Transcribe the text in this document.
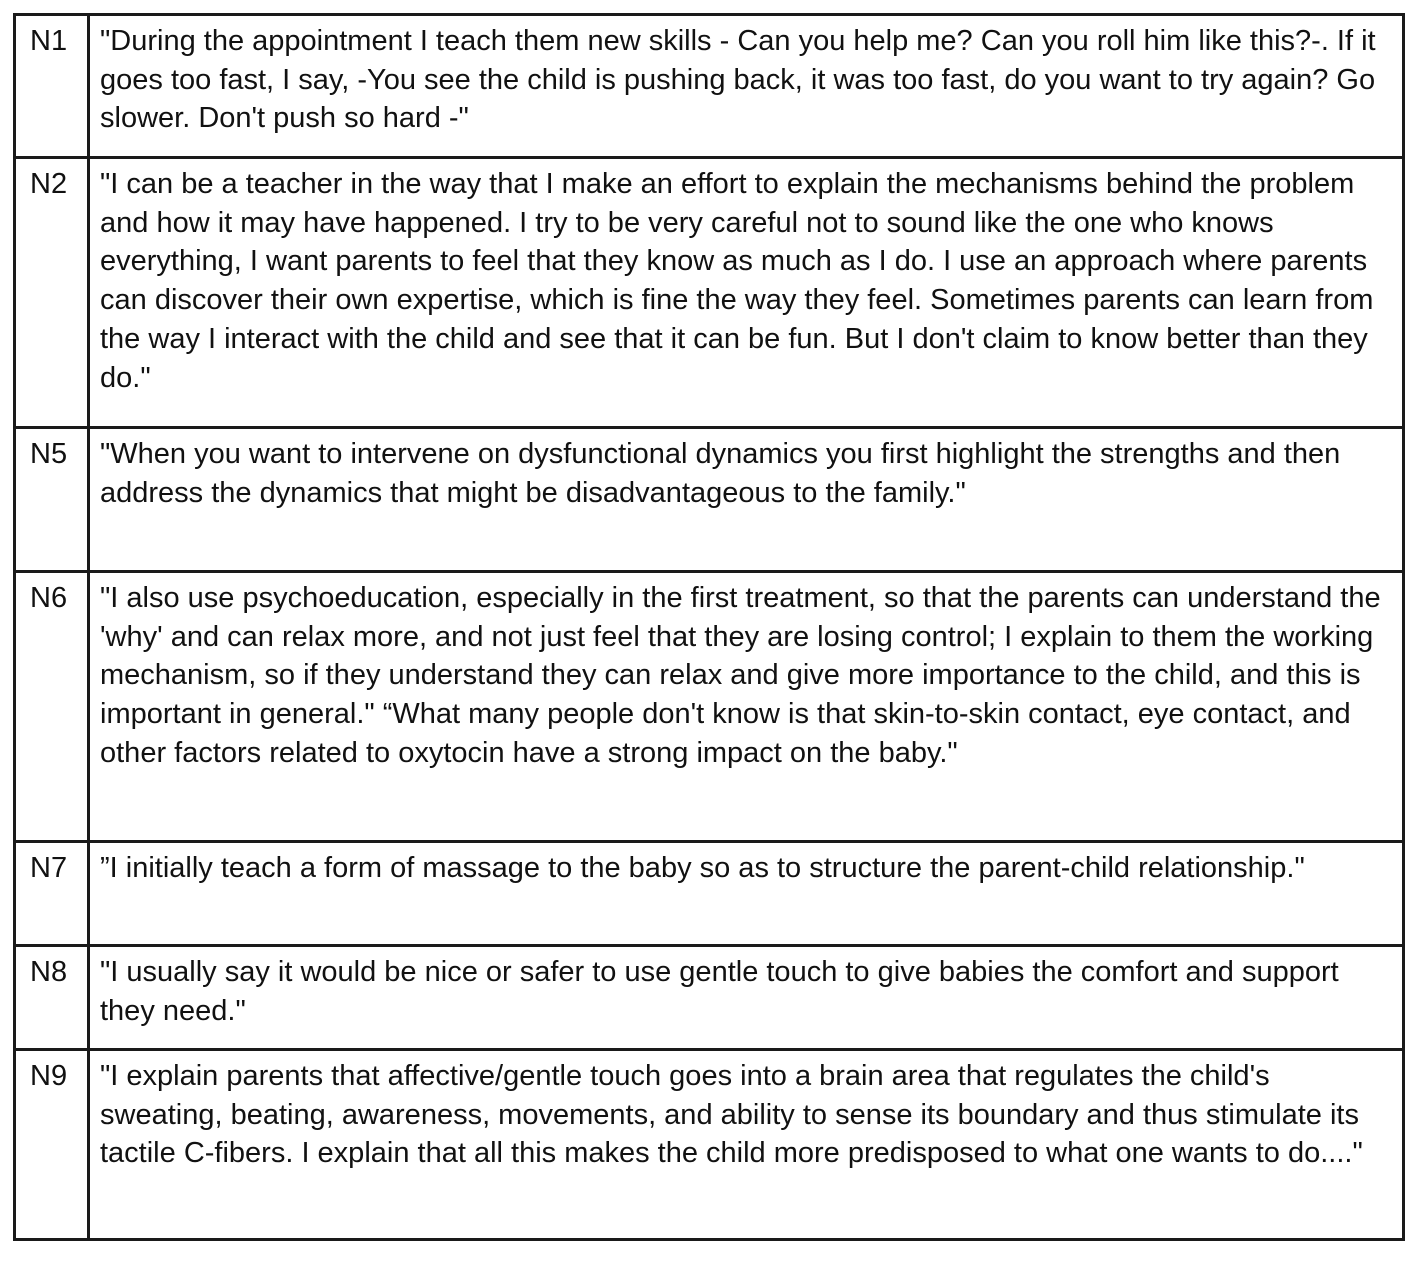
N1	"During the appointment I teach them new skills - Can you help me? Can you roll him like this?-. If it goes too fast, I say, -You see the child is pushing back, it was too fast, do you want to try again? Go slower. Don't push so hard -"
N2	"I can be a teacher in the way that I make an effort to explain the mechanisms behind the problem and how it may have happened. I try to be very careful not to sound like the one who knows everything, I want parents to feel that they know as much as I do. I use an approach where parents can discover their own expertise, which is fine the way they feel. Sometimes parents can learn from the way I interact with the child and see that it can be fun. But I don't claim to know better than they do."
N5	"When you want to intervene on dysfunctional dynamics you first highlight the strengths and then address the dynamics that might be disadvantageous to the family."
N6	"I also use psychoeducation, especially in the first treatment, so that the parents can understand the 'why' and can relax more, and not just feel that they are losing control; I explain to them the working mechanism, so if they understand they can relax and give more importance to the child, and this is important in general." “What many people don't know is that skin-to-skin contact, eye contact, and other factors related to oxytocin have a strong impact on the baby."
N7	”I initially teach a form of massage to the baby so as to structure the parent-child relationship."
N8	"I usually say it would be nice or safer to use gentle touch to give babies the comfort and support they need."
N9	"I explain parents that affective/gentle touch goes into a brain area that regulates the child's sweating, beating, awareness, movements, and ability to sense its boundary and thus stimulate its tactile C-fibers. I explain that all this makes the child more predisposed to what one wants to do...."
